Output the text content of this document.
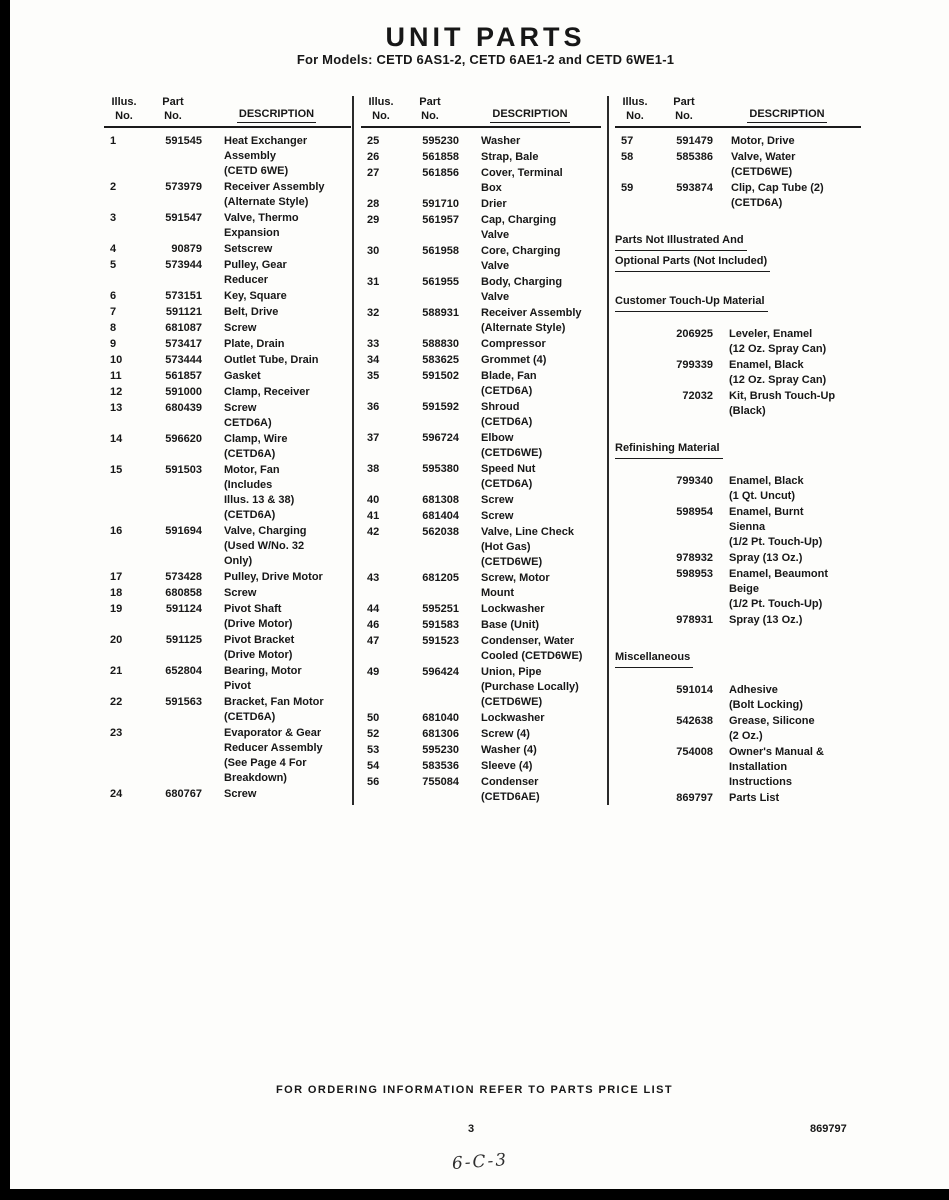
UNIT PARTS
For Models: CETD 6AS1-2, CETD 6AE1-2 and CETD 6WE1-1
Illus.
No.
Part
No.	DESCRIPTION
1	591545 Heat Exchanger
Assembly
(CETD 6WE)
2	573979 Receiver Assembly
(Alternate Style)
3	591547 Valve, Thermo
Expansion
4	90879 Setscrew
5	573944 Pulley, Gear
Reducer
6	573151 Key, Square
7	591121 Belt, Drive
8	681087 Screw
9	573417 Plate, Drain
10	573444 Outlet Tube, Drain
11	561857 Gasket
12	591000 Clamp, Receiver
13	680439 Screw
CETD6A)
14	596620 Clamp, Wire
(CETD6A)
15	591503 Motor, Fan
(Includes
Illus. 13 & 38)
(CETD6A)
16	591694 Valve, Charging
(Used W/No. 32
Only)
17	573428 Pulley, Drive Motor
18	680858 Screw
19	591124 Pivot Shaft
(Drive Motor)
20	591125 Pivot Bracket
(Drive Motor)
21	652804 Bearing, Motor
Pivot
22	591563 Bracket, Fan Motor
(CETD6A)
23	Evaporator & Gear
Reducer Assembly
(See Page 4 For
Breakdown)
24	680767 Screw
Illus.
No.
Part
No.	DESCRIPTION
25	595230 Washer
26	561858 Strap, Bale
27	561856 Cover, Terminal
Box
28	591710 Drier
29	561957 Cap, Charging
Valve
30	561958 Core, Charging
Valve
31	561955 Body, Charging
Valve
32	588931 Receiver Assembly
(Alternate Style)
33	588830 Compressor
34	583625 Grommet (4)
35	591502 Blade, Fan
(CETD6A)
36	591592 Shroud
(CETD6A)
37	596724 Elbow
(CETD6WE)
38	595380 Speed Nut
(CETD6A)
40	681308 Screw
41	681404 Screw
42	562038 Valve, Line Check
(Hot Gas)
(CETD6WE)
43	681205 Screw, Motor
Mount
44	595251 Lockwasher
46	591583 Base (Unit)
47	591523 Condenser, Water
Cooled (CETD6WE)
49	596424 Union, Pipe
(Purchase Locally)
(CETD6WE)
50	681040 Lockwasher
52	681306 Screw (4)
53	595230 Washer (4)
54	583536 Sleeve (4)
56	755084 Condenser
(CETD6AE)
Illus.
No.
Part
No.	DESCRIPTION
57	591479 Motor, Drive
58	585386 Valve, Water
(CETD6WE)
59	593874 Clip, Cap Tube (2)
(CETD6A)
Parts Not Illustrated And
Optional Parts (Not Included)
Customer Touch-Up Material
206925 Leveler, Enamel
(12 Oz. Spray Can)
799339 Enamel, Black
(12 Oz. Spray Can)
72032 Kit, Brush Touch-Up
(Black)
Refinishing Material
799340 Enamel, Black
(1 Qt. Uncut)
598954 Enamel, Burnt
Sienna
(1/2 Pt. Touch-Up)
978932 Spray (13 Oz.)
598953 Enamel, Beaumont
Beige
(1/2 Pt. Touch-Up)
978931 Spray (13 Oz.)
Miscellaneous
591014 Adhesive
(Bolt Locking)
542638 Grease, Silicone
(2 Oz.)
754008 Owner's Manual &
Installation
Instructions
869797 Parts List
FOR ORDERING INFORMATION REFER TO PARTS PRICE LIST
3	869797
6-C-3
